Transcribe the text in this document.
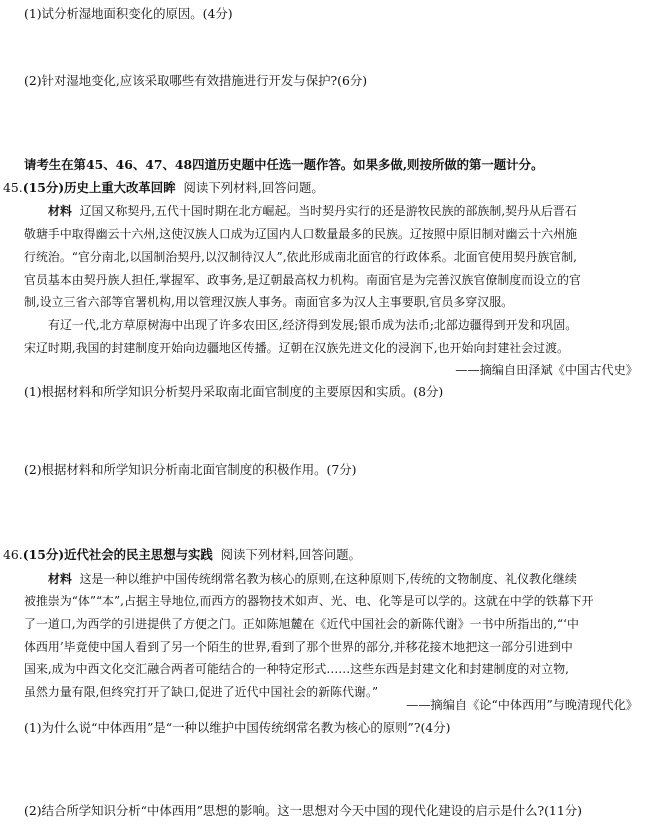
(1)试分析湿地面积变化的原因。(4分)
(2)针对湿地变化,应该采取哪些有效措施进行开发与保护?(6分)
请考生在第45、46、47、48四道历史题中任选一题作答。如果多做,则按所做的第一题计分。
45.(15分)历史上重大改革回眸 阅读下列材料,回答问题。
材料 辽国又称契丹,五代十国时期在北方崛起。当时契丹实行的还是游牧民族的部族制,契丹从后晋石
敬瑭手中取得幽云十六州,这使汉族人口成为辽国内人口数量最多的民族。辽按照中原旧制对幽云十六州施
行统治。“官分南北,以国制治契丹,以汉制待汉人”,依此形成南北面官的行政体系。北面官使用契丹族官制,
官员基本由契丹族人担任,掌握军、政事务,是辽朝最高权力机构。南面官是为完善汉族官僚制度而设立的官
制,设立三省六部等官署机构,用以管理汉族人事务。南面官多为汉人主事要职,官员多穿汉服。
有辽一代,北方草原树海中出现了许多农田区,经济得到发展;银币成为法币;北部边疆得到开发和巩固。
宋辽时期,我国的封建制度开始向边疆地区传播。辽朝在汉族先进文化的浸润下,也开始向封建社会过渡。
——摘编自田泽斌《中国古代史》
(1)根据材料和所学知识分析契丹采取南北面官制度的主要原因和实质。(8分)
(2)根据材料和所学知识分析南北面官制度的积极作用。(7分)
46.(15分)近代社会的民主思想与实践 阅读下列材料,回答问题。
材料 这是一种以维护中国传统纲常名教为核心的原则,在这种原则下,传统的文物制度、礼仪教化继续
被推崇为“体”“本”,占据主导地位,而西方的器物技术如声、光、电、化等是可以学的。这就在中学的铁幕下开
了一道口,为西学的引进提供了方便之门。正如陈旭麓在《近代中国社会的新陈代谢》一书中所指出的,“‘中
体西用’毕竟使中国人看到了另一个陌生的世界,看到了那个世界的部分,并移花接木地把这一部分引进到中
国来,成为中西文化交汇融合两者可能结合的一种特定形式……这些东西是封建文化和封建制度的对立物,
虽然力量有限,但终究打开了缺口,促进了近代中国社会的新陈代谢。”
——摘编自《论“中体西用”与晚清现代化》
(1)为什么说“中体西用”是“一种以维护中国传统纲常名教为核心的原则”?(4分)
(2)结合所学知识分析“中体西用”思想的影响。这一思想对今天中国的现代化建设的启示是什么?(11分)
